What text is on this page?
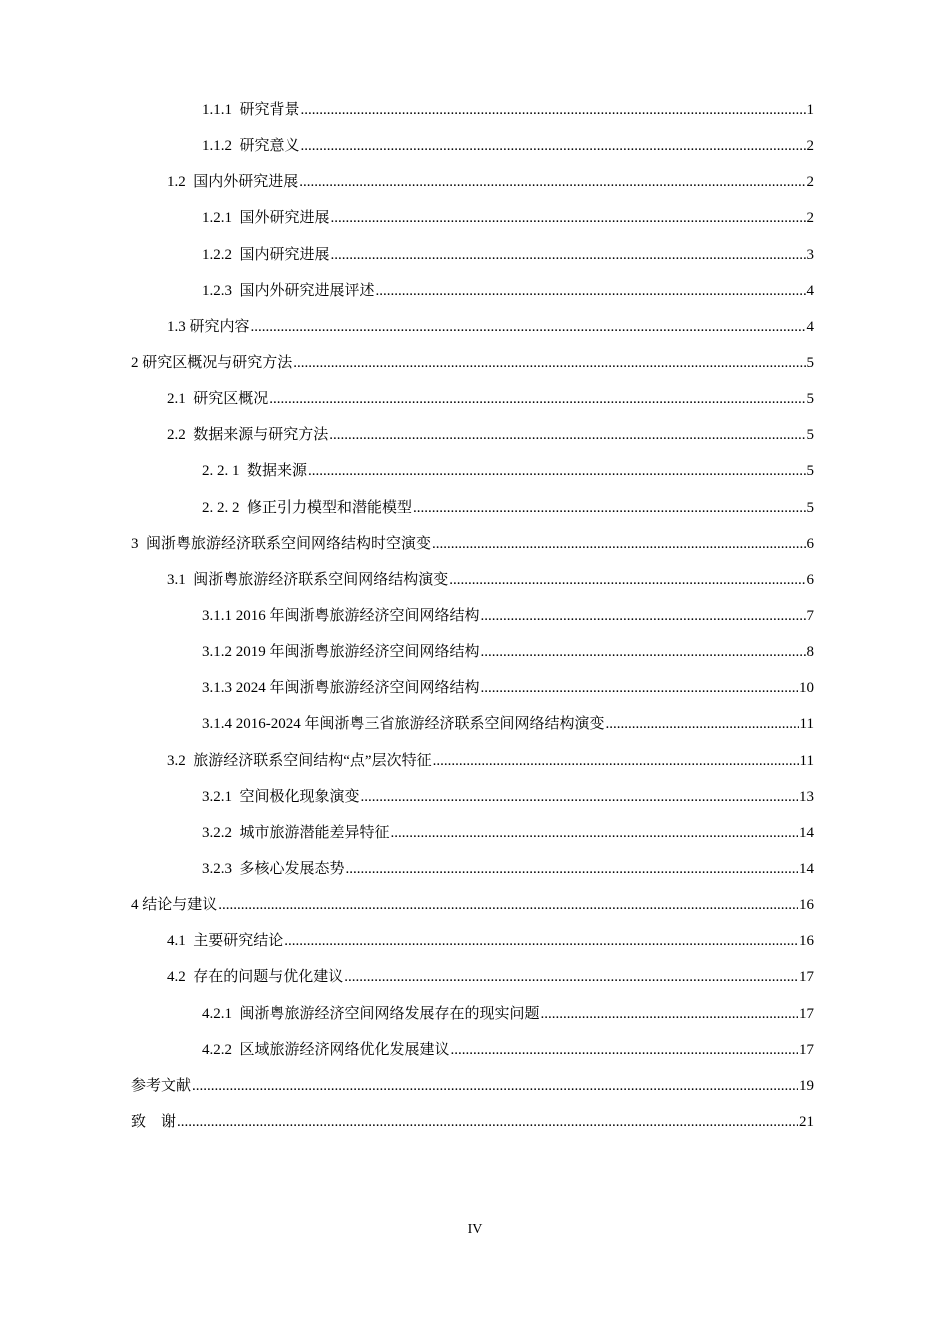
1.1.1  研究背景 .....	1
1.1.2  研究意义 .....	2
1.2  国内外研究进展 .....	2
1.2.1  国外研究进展 .....	2
1.2.2  国内研究进展 .....	3
1.2.3  国内外研究进展评述 .....	4
1.3 研究内容 .....	4
2 研究区概况与研究方法 .....	5
2.1  研究区概况 .....	5
2.2  数据来源与研究方法 .....	5
2. 2. 1  数据来源 .....	5
2. 2. 2  修正引力模型和潜能模型 .....	5
3  闽浙粤旅游经济联系空间网络结构时空演变 .....	6
3.1  闽浙粤旅游经济联系空间网络结构演变 .....	6
3.1.1 2016 年闽浙粤旅游经济空间网络结构 .....	7
3.1.2 2019 年闽浙粤旅游经济空间网络结构 .....	8
3.1.3 2024 年闽浙粤旅游经济空间网络结构 .....	10
3.1.4 2016-2024 年闽浙粤三省旅游经济联系空间网络结构演变 .....	11
3.2  旅游经济联系空间结构“点”层次特征 .....	11
3.2.1  空间极化现象演变 .....	13
3.2.2  城市旅游潜能差异特征 .....	14
3.2.3  多核心发展态势 .....	14
4 结论与建议 .....	16
4.1  主要研究结论 .....	16
4.2  存在的问题与优化建议 .....	17
4.2.1  闽浙粤旅游经济空间网络发展存在的现实问题 .....	17
4.2.2  区域旅游经济网络优化发展建议 .....	17
参考文献 .....	19
致    谢 .....	21
IV
